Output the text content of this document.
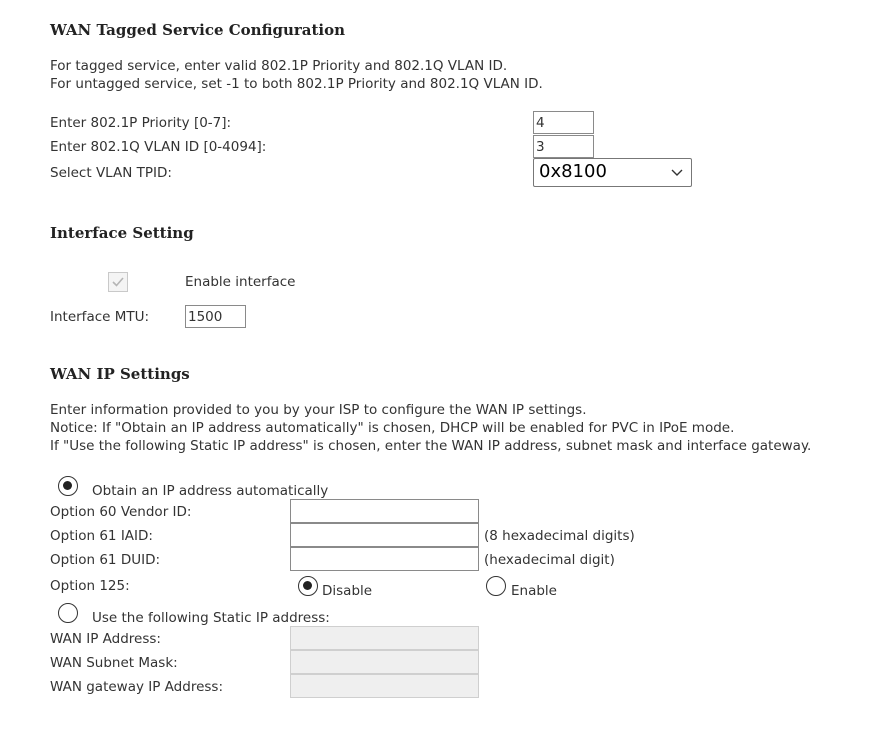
WAN Tagged Service Configuration
For tagged service, enter valid 802.1P Priority and 802.1Q VLAN ID.
For untagged service, set -1 to both 802.1P Priority and 802.1Q VLAN ID.
Enter 802.1P Priority [0-7]:
4
Enter 802.1Q VLAN ID [0-4094]:
3
Select VLAN TPID:	0x8100
Interface Setting
Enable interface
Interface MTU:
1500
WAN IP Settings
Enter information provided to you by your ISP to configure the WAN IP settings.
Notice: If "Obtain an IP address automatically" is chosen, DHCP will be enabled for PVC in IPoE mode.
If "Use the following Static IP address" is chosen, enter the WAN IP address, subnet mask and interface gateway.
Obtain an IP address automatically
Option 60 Vendor ID:
Option 61 IAID:	(8 hexadecimal digits)
Option 61 DUID:	(hexadecimal digit)
Option 125:	Disable	Enable
Use the following Static IP address:
WAN IP Address:
WAN Subnet Mask:
WAN gateway IP Address:
